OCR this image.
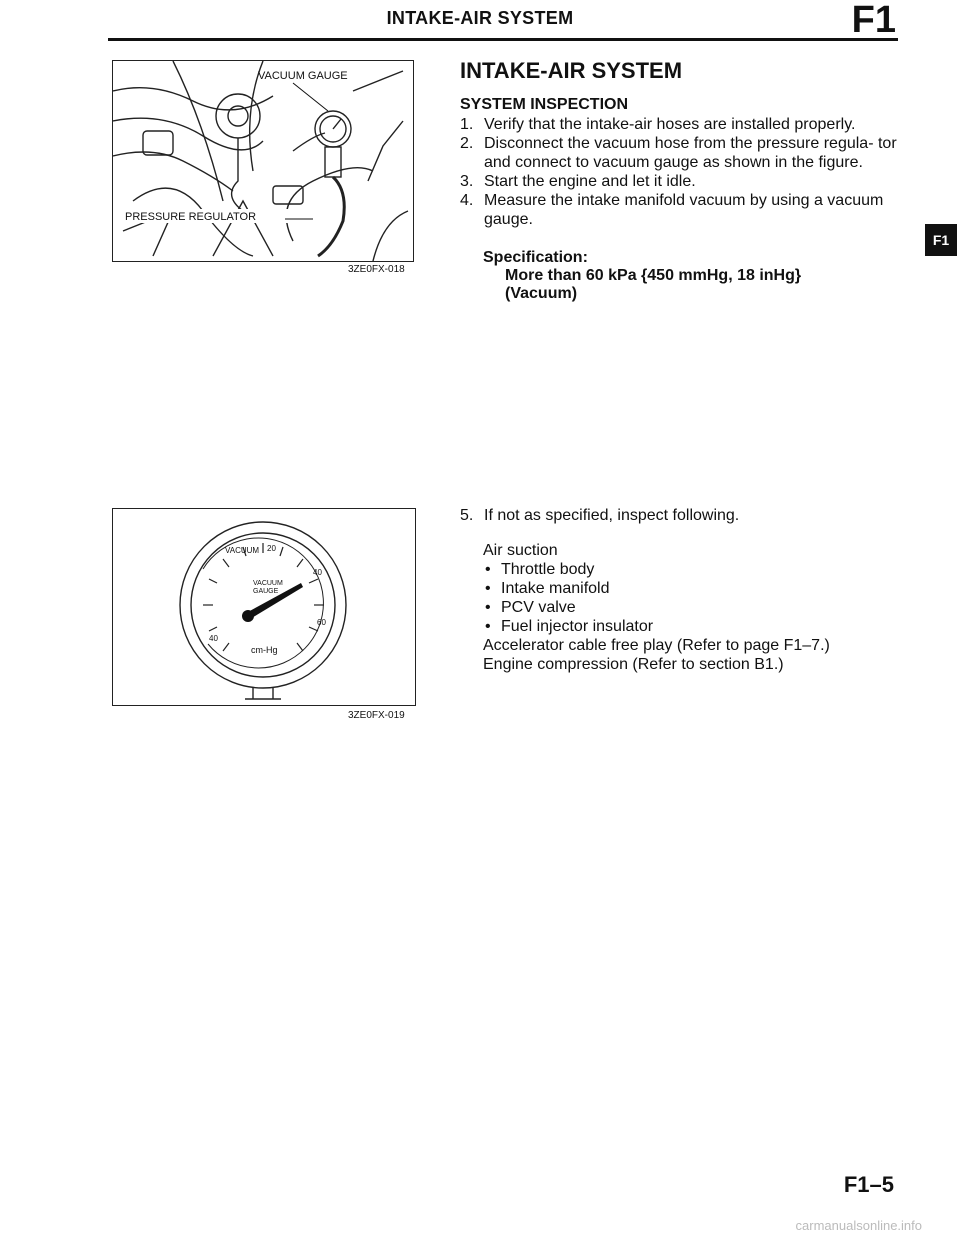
INTAKE-AIR SYSTEM	F1
VACUUM GAUGE
PRESSURE REGULATOR
3ZE0FX-018
INTAKE-AIR SYSTEM
SYSTEM INSPECTION
1. Verify that the intake-air hoses are installed properly.
2. Disconnect the vacuum hose from the pressure regula- tor and connect to vacuum gauge as shown in the figure.
3. Start the engine and let it idle.
4. Measure the intake manifold vacuum by using a vacuum gauge.
Specification:
More than 60 kPa {450 mmHg, 18 inHg}
(Vacuum)
F1
VACUUM 20
40
60
40
VACUUM
GAUGE
cm-Hg
3ZE0FX-019
5. If not as specified, inspect following.
Air suction
• Throttle body
• Intake manifold
• PCV valve
• Fuel injector insulator
Accelerator cable free play (Refer to page F1–7.)
Engine compression (Refer to section B1.)
F1–5
carmanualsonline.info
